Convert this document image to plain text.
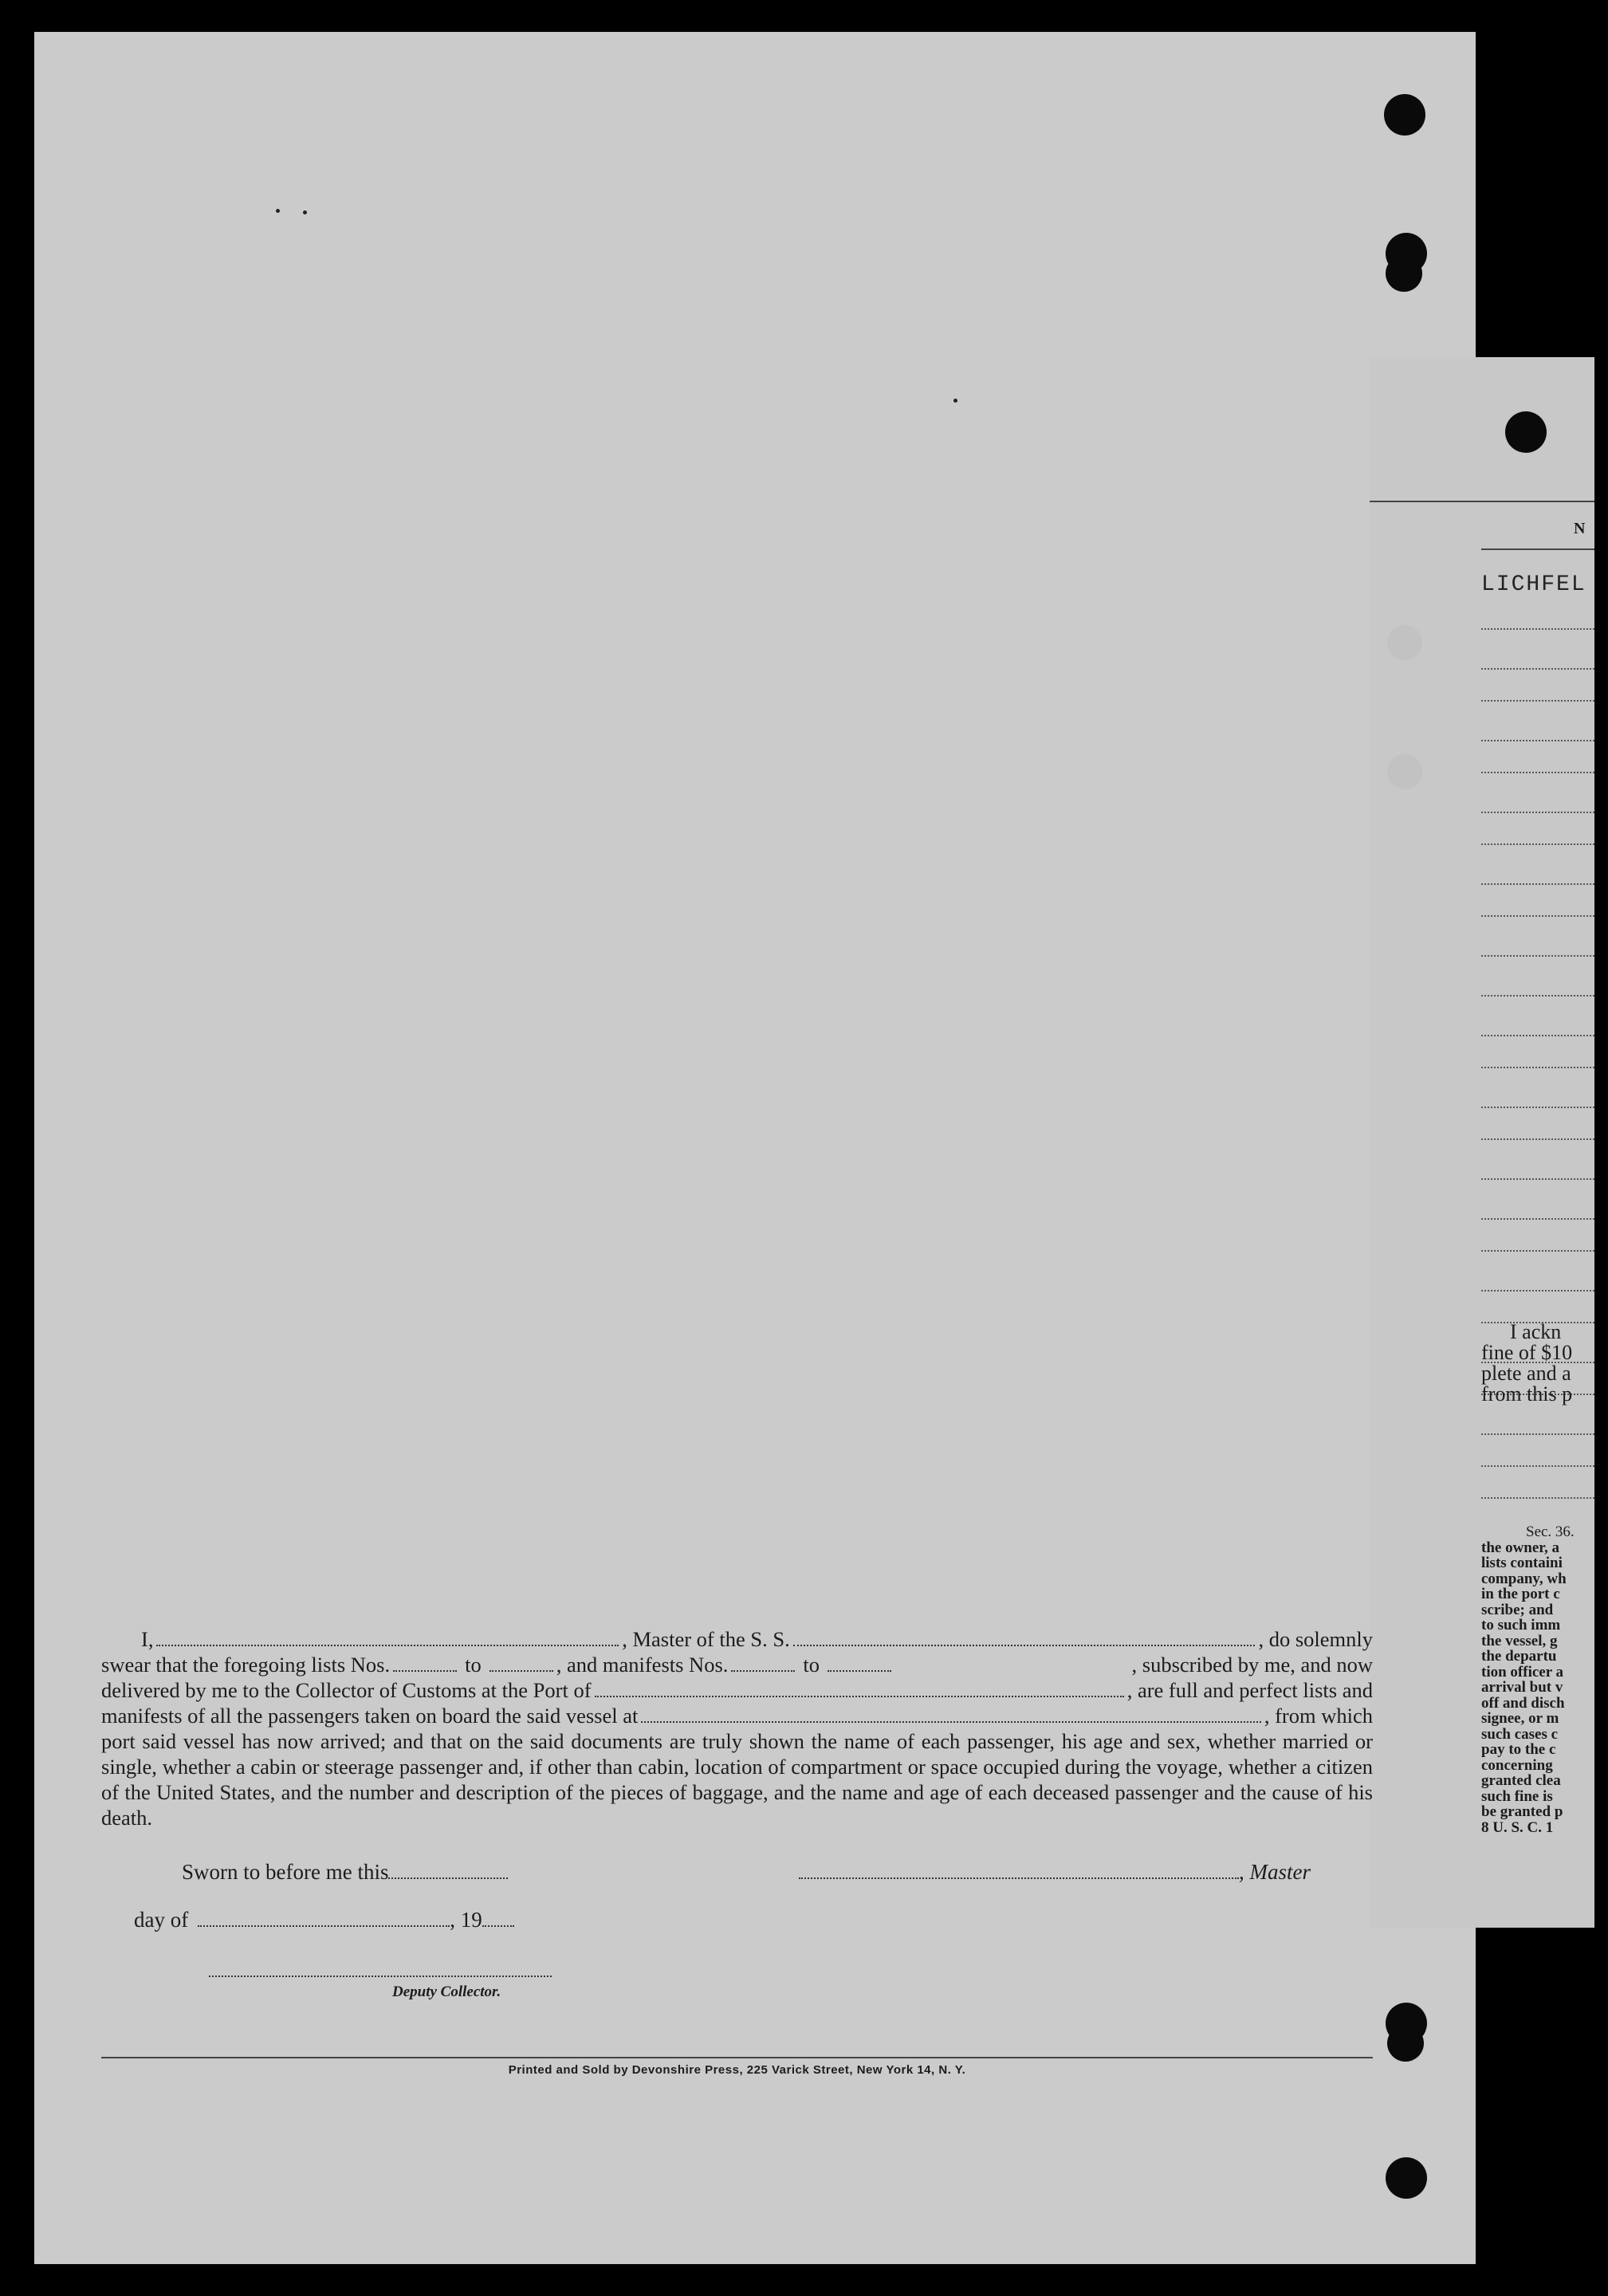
N
LICHFEL
I ackn
fine of $10
plete and a
from this p
Sec. 36.
the owner, a
lists containi
company, wh
in the port c
scribe; and
to such imm
the vessel, g
the departu
tion officer a
arrival but v
off and disch
signee, or m
such cases c
pay to the c
concerning
granted clea
such fine is
be granted p
8 U. S. C. 1
I,	, Master of the S. S.	, do solemnly
swear that the foregoing lists Nos.	to	, and manifests Nos.	to	, subscribed by me, and now
delivered by me to the Collector of Customs at the Port of	, are full and perfect lists and
manifests of all the passengers taken on board the said vessel at	, from which

port said vessel has now arrived; and that on the said documents are truly shown the name of each passenger, his age and sex, whether married or single, whether a cabin or steerage passenger and, if other than cabin, location of compartment or space occupied during the voyage, whether a citizen of the United States, and the number and description of the pieces of baggage, and the name and age of each deceased passenger and the cause of his death.

Sworn to before me this	, Master
day of	, 19
Deputy Collector.
Printed and Sold by Devonshire Press, 225 Varick Street, New York 14, N. Y.
